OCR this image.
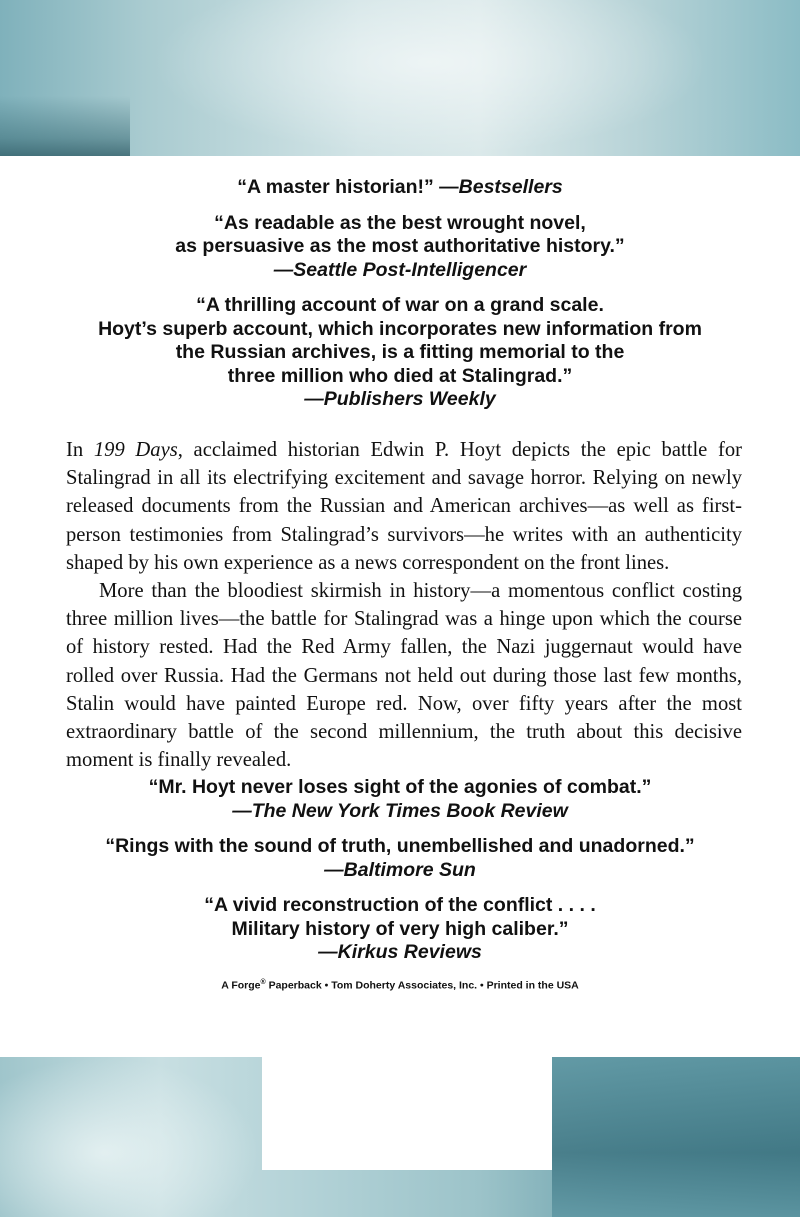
“A master historian!” —Bestsellers
“As readable as the best wrought novel,
as persuasive as the most authoritative history.”
—Seattle Post-Intelligencer
“A thrilling account of war on a grand scale.
Hoyt’s superb account, which incorporates new information from
the Russian archives, is a fitting memorial to the
three million who died at Stalingrad.”
—Publishers Weekly

In 199 Days, acclaimed historian Edwin P. Hoyt depicts the epic battle for
Stalingrad in all its electrifying excitement and savage horror. Relying on newly
released documents from the Russian and American archives—as well as first-
person testimonies from Stalingrad’s survivors—he writes with an authenticity
shaped by his own experience as a news correspondent on the front lines.

More than the bloodiest skirmish in history—a momentous conflict costing
three million lives—the battle for Stalingrad was a hinge upon which the course
of history rested. Had the Red Army fallen, the Nazi juggernaut would have
rolled over Russia. Had the Germans not held out during those last few months,
Stalin would have painted Europe red. Now, over fifty years after the most
extraordinary battle of the second millennium, the truth about this decisive
moment is finally revealed.

“Mr. Hoyt never loses sight of the agonies of combat.”
—The New York Times Book Review
“Rings with the sound of truth, unembellished and unadorned.”
—Baltimore Sun
“A vivid reconstruction of the conflict . . . .
Military history of very high caliber.”
—Kirkus Reviews
A Forge® Paperback • Tom Doherty Associates, Inc. • Printed in the USA
